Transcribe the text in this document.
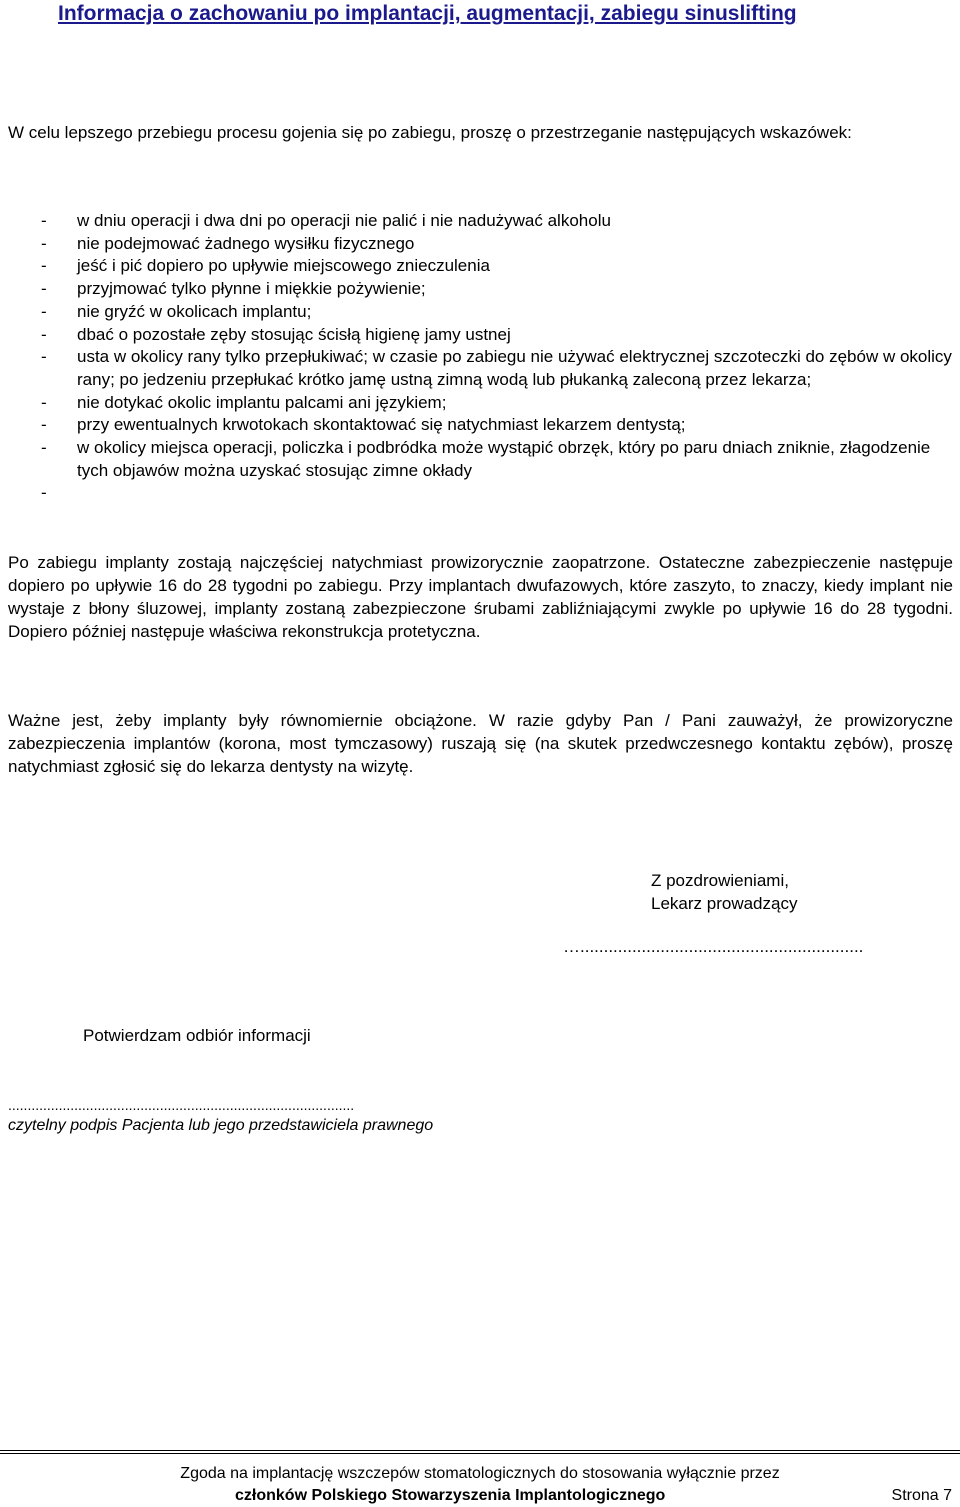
Informacja o zachowaniu po implantacji, augmentacji, zabiegu sinuslifting
W celu lepszego przebiegu procesu gojenia się po zabiegu, proszę o przestrzeganie następujących wskazówek:
- w dniu operacji i dwa dni po operacji nie palić i nie nadużywać alkoholu
- nie podejmować żadnego wysiłku fizycznego
- jeść i pić dopiero po upływie miejscowego znieczulenia
- przyjmować tylko płynne i miękkie pożywienie;
- nie gryźć w okolicach implantu;
- dbać o pozostałe zęby stosując ścisłą higienę jamy ustnej
- usta w okolicy rany tylko przepłukiwać; w czasie po zabiegu nie używać elektrycznej szczoteczki do zębów w okolicy rany; po jedzeniu przepłukać krótko jamę ustną zimną wodą lub płukanką zaleconą przez lekarza;
- nie dotykać okolic implantu palcami ani językiem;
- przy ewentualnych krwotokach skontaktować się natychmiast lekarzem dentystą;
- w okolicy miejsca operacji, policzka i podbródka może wystąpić obrzęk, który po paru dniach zniknie, złagodzenie tych objawów można uzyskać stosując zimne okłady
-

Po zabiegu implanty zostają najczęściej natychmiast prowizorycznie zaopatrzone. Ostateczne zabezpieczenie następuje dopiero po upływie 16 do 28 tygodni po zabiegu. Przy implantach dwufazowych, które zaszyto, to znaczy, kiedy implant nie wystaje z błony śluzowej, implanty zostaną zabezpieczone śrubami zabliźniającymi zwykle po upływie 16 do 28 tygodni. Dopiero później następuje właściwa rekonstrukcja protetyczna.
Ważne jest, żeby implanty były równomiernie obciążone. W razie gdyby Pan / Pani zauważył, że prowizoryczne zabezpieczenia implantów (korona, most tymczasowy) ruszają się (na skutek przedwczesnego kontaktu zębów), proszę natychmiast zgłosić się do lekarza dentysty na wizytę.
Z pozdrowieniami,
Lekarz prowadzący
…............................................................
Potwierdzam odbiór informacji
.........................................................................................
czytelny podpis Pacjenta lub jego przedstawiciela prawnego
Zgoda na implantację wszczepów stomatologicznych do stosowania wyłącznie przez
członków Polskiego Stowarzyszenia Implantologicznego	Strona 7
